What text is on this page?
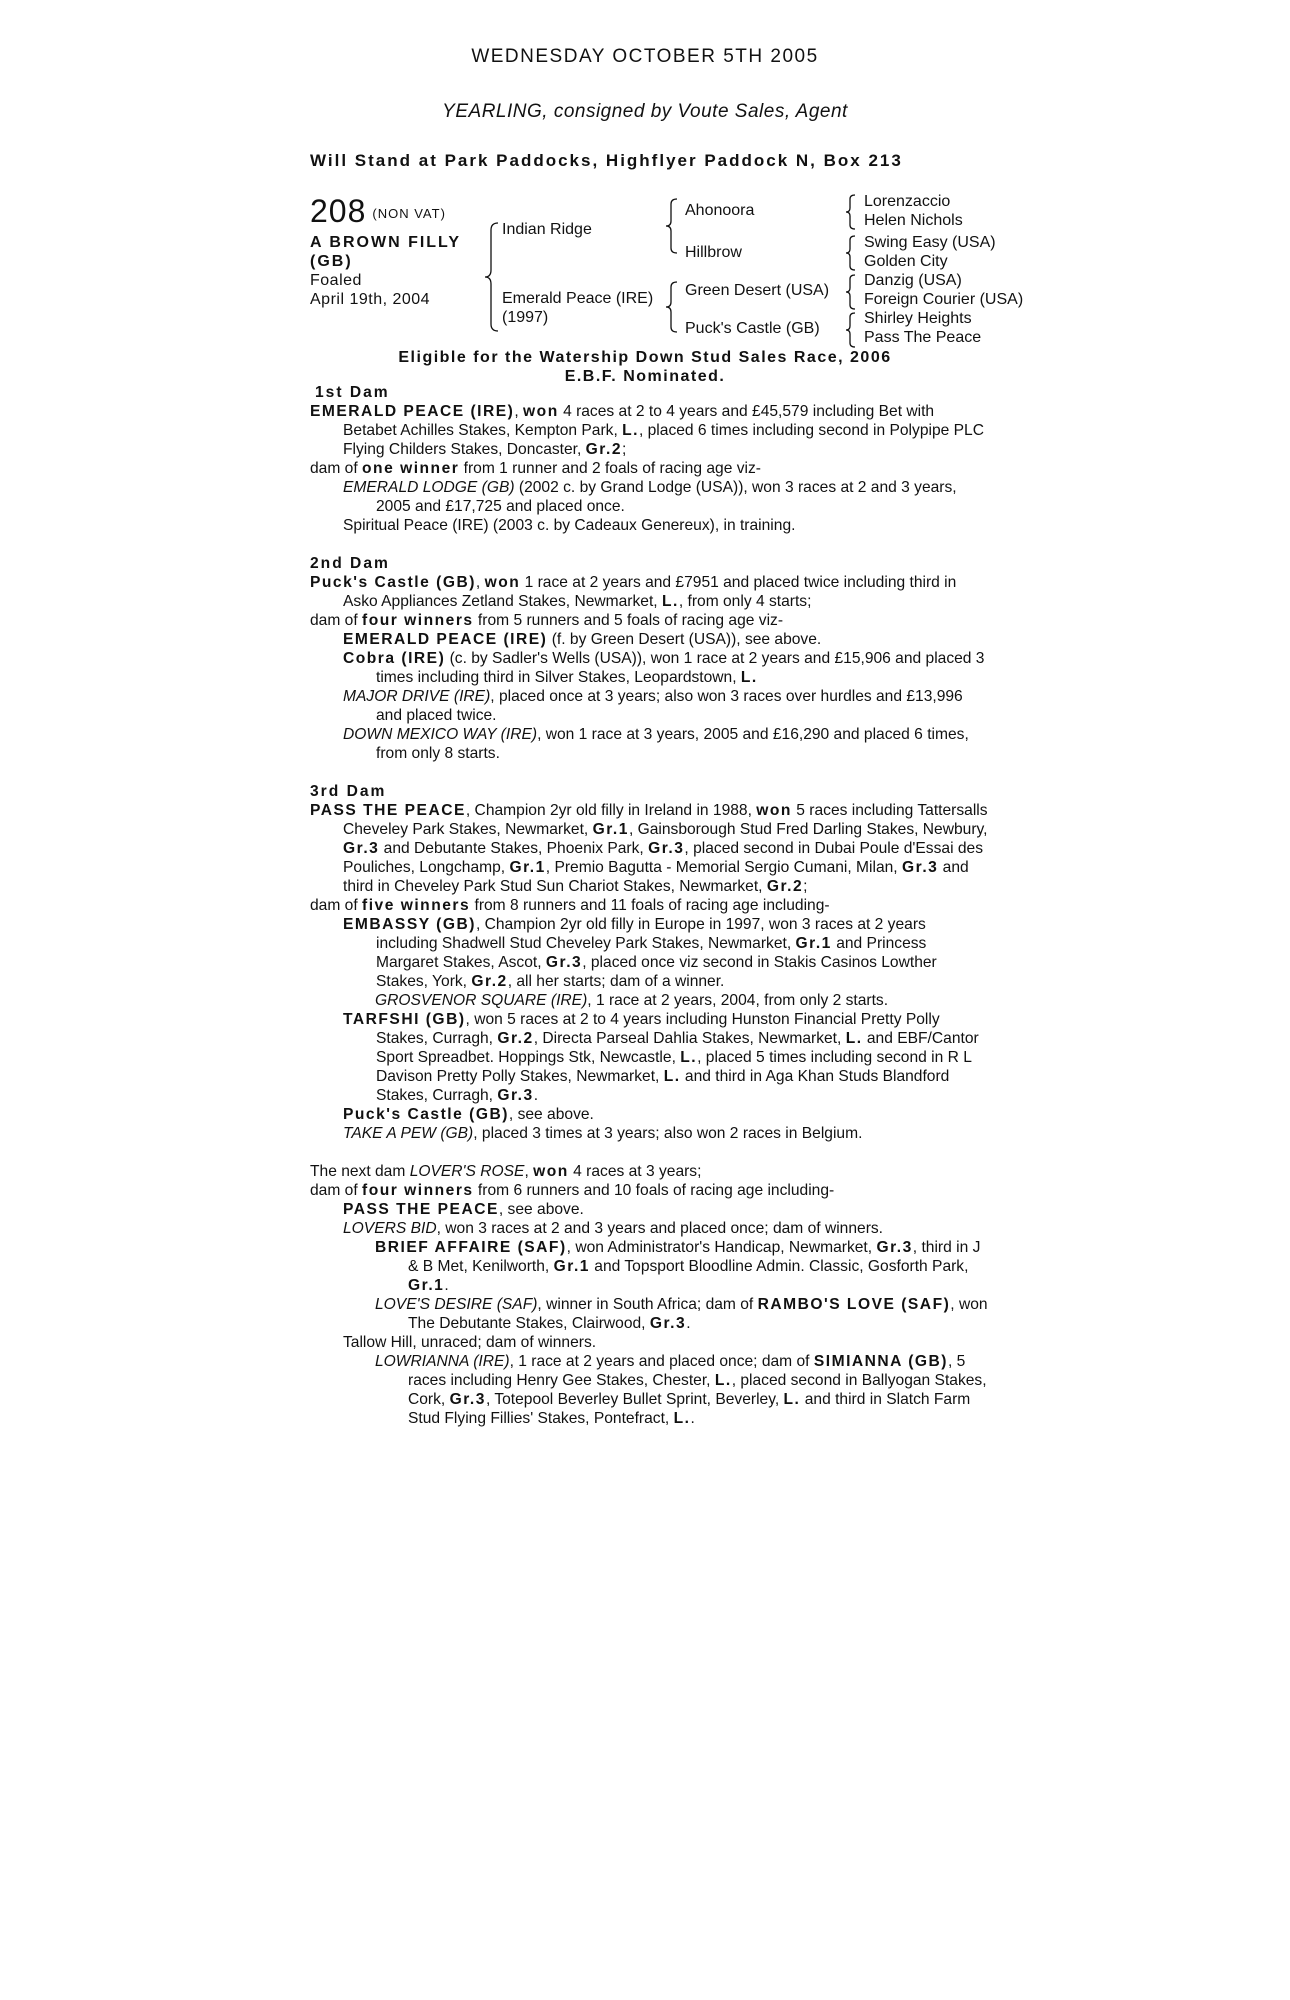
WEDNESDAY OCTOBER 5TH 2005
YEARLING, consigned by Voute Sales, Agent
Will Stand at Park Paddocks, Highflyer Paddock N, Box 213
208 (NON VAT)
A BROWN FILLY
(GB)
Foaled
April 19th, 2004
Indian Ridge
Emerald Peace (IRE)
(1997)
Ahonoora
Hillbrow
Green Desert (USA)
Puck's Castle (GB)
Lorenzaccio
Helen Nichols
Swing Easy (USA)
Golden City
Danzig (USA)
Foreign Courier (USA)
Shirley Heights
Pass The Peace
Eligible for the Watership Down Stud Sales Race, 2006
E.B.F. Nominated.

1st Dam

EMERALD PEACE (IRE), won 4 races at 2 to 4 years and £45,579 including Bet with Betabet Achilles Stakes, Kempton Park, L., placed 6 times including second in Polypipe PLC Flying Childers Stakes, Doncaster, Gr.2;

dam of one winner from 1 runner and 2 foals of racing age viz-

EMERALD LODGE (GB) (2002 c. by Grand Lodge (USA)), won 3 races at 2 and 3 years, 2005 and £17,725 and placed once.

Spiritual Peace (IRE) (2003 c. by Cadeaux Genereux), in training.

2nd Dam

Puck's Castle (GB), won 1 race at 2 years and £7951 and placed twice including third in Asko Appliances Zetland Stakes, Newmarket, L., from only 4 starts;

dam of four winners from 5 runners and 5 foals of racing age viz-

EMERALD PEACE (IRE) (f. by Green Desert (USA)), see above.

Cobra (IRE) (c. by Sadler's Wells (USA)), won 1 race at 2 years and £15,906 and placed 3 times including third in Silver Stakes, Leopardstown, L.

MAJOR DRIVE (IRE), placed once at 3 years; also won 3 races over hurdles and £13,996 and placed twice.

DOWN MEXICO WAY (IRE), won 1 race at 3 years, 2005 and £16,290 and placed 6 times, from only 8 starts.

3rd Dam

PASS THE PEACE, Champion 2yr old filly in Ireland in 1988, won 5 races including Tattersalls Cheveley Park Stakes, Newmarket, Gr.1, Gainsborough Stud Fred Darling Stakes, Newbury, Gr.3 and Debutante Stakes, Phoenix Park, Gr.3, placed second in Dubai Poule d'Essai des Pouliches, Longchamp, Gr.1, Premio Bagutta - Memorial Sergio Cumani, Milan, Gr.3 and third in Cheveley Park Stud Sun Chariot Stakes, Newmarket, Gr.2;

dam of five winners from 8 runners and 11 foals of racing age including-

EMBASSY (GB), Champion 2yr old filly in Europe in 1997, won 3 races at 2 years including Shadwell Stud Cheveley Park Stakes, Newmarket, Gr.1 and Princess Margaret Stakes, Ascot, Gr.3, placed once viz second in Stakis Casinos Lowther Stakes, York, Gr.2, all her starts; dam of a winner.

GROSVENOR SQUARE (IRE), 1 race at 2 years, 2004, from only 2 starts.

TARFSHI (GB), won 5 races at 2 to 4 years including Hunston Financial Pretty Polly Stakes, Curragh, Gr.2, Directa Parseal Dahlia Stakes, Newmarket, L. and EBF/Cantor Sport Spreadbet. Hoppings Stk, Newcastle, L., placed 5 times including second in R L Davison Pretty Polly Stakes, Newmarket, L. and third in Aga Khan Studs Blandford Stakes, Curragh, Gr.3.

Puck's Castle (GB), see above.

TAKE A PEW (GB), placed 3 times at 3 years; also won 2 races in Belgium.

The next dam LOVER'S ROSE, won 4 races at 3 years;

dam of four winners from 6 runners and 10 foals of racing age including-

PASS THE PEACE, see above.

LOVERS BID, won 3 races at 2 and 3 years and placed once; dam of winners.

BRIEF AFFAIRE (SAF), won Administrator's Handicap, Newmarket, Gr.3, third in J & B Met, Kenilworth, Gr.1 and Topsport Bloodline Admin. Classic, Gosforth Park, Gr.1.

LOVE'S DESIRE (SAF), winner in South Africa; dam of RAMBO'S LOVE (SAF), won The Debutante Stakes, Clairwood, Gr.3.

Tallow Hill, unraced; dam of winners.

LOWRIANNA (IRE), 1 race at 2 years and placed once; dam of SIMIANNA (GB), 5 races including Henry Gee Stakes, Chester, L., placed second in Ballyogan Stakes, Cork, Gr.3, Totepool Beverley Bullet Sprint, Beverley, L. and third in Slatch Farm Stud Flying Fillies' Stakes, Pontefract, L..
